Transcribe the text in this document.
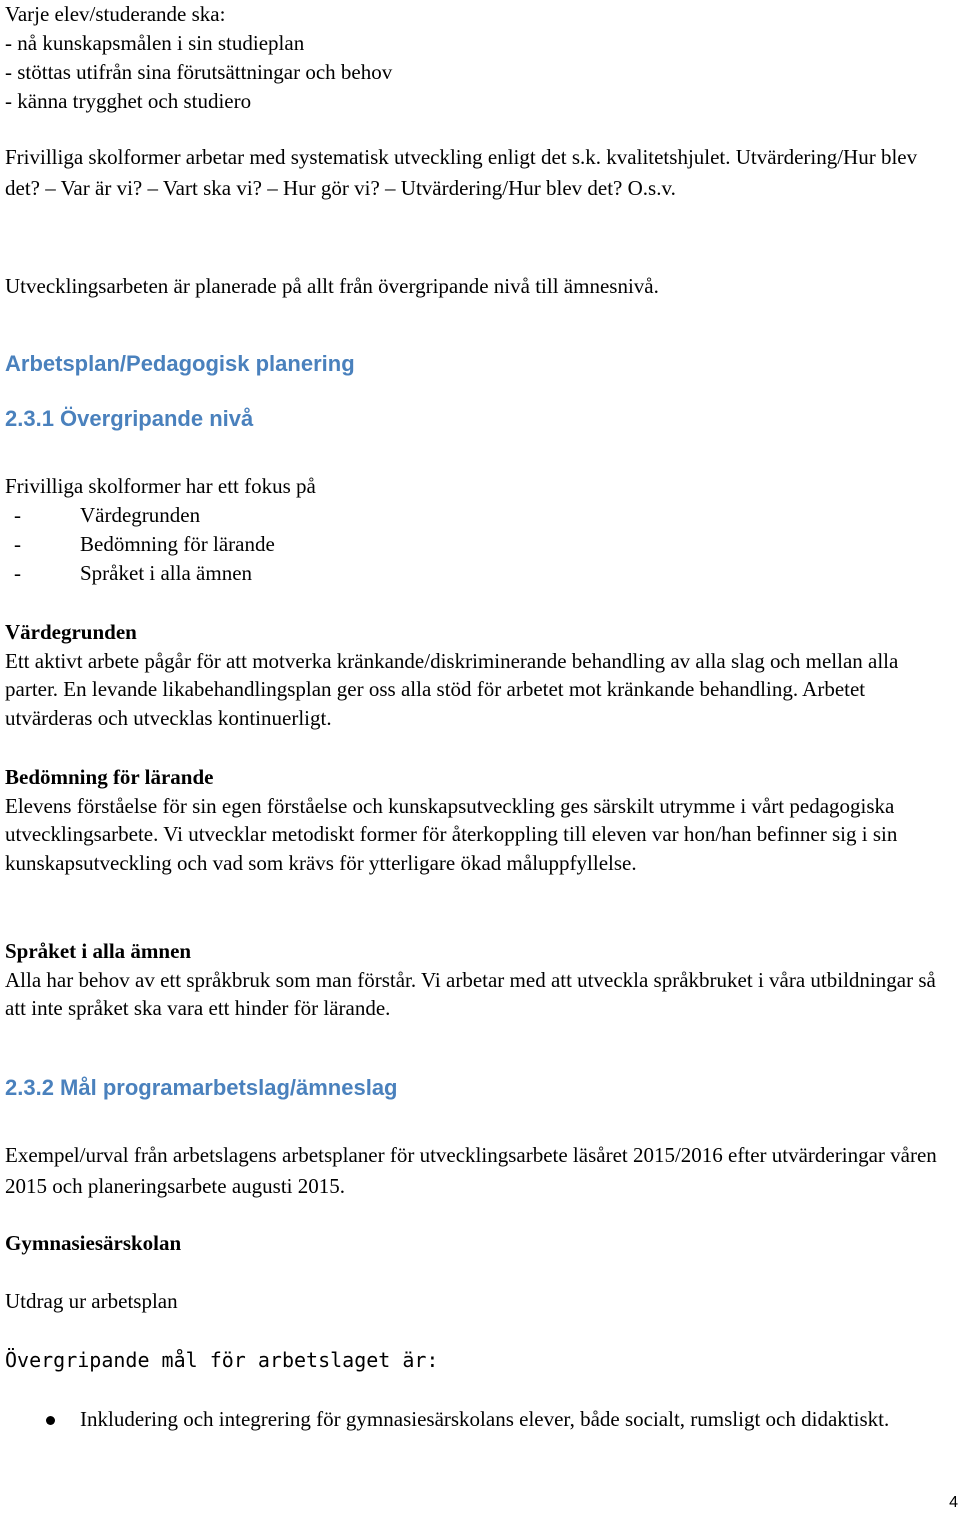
Varje elev/studerande ska:
- nå kunskapsmålen i sin studieplan
- stöttas utifrån sina förutsättningar och behov
- känna trygghet och studiero

Frivilliga skolformer arbetar med systematisk utveckling enligt det s.k. kvalitetshjulet. Utvärdering/Hur blev det? – Var är vi? – Vart ska vi? – Hur gör vi? – Utvärdering/Hur blev det? O.s.v.

Utvecklingsarbeten är planerade på allt från övergripande nivå till ämnesnivå.

Arbetsplan/Pedagogisk planering
2.3.1 Övergripande nivå
Frivilliga skolformer har ett fokus på
-	Värdegrunden
-	Bedömning för lärande
-	Språket i alla ämnen
Värdegrunden
Ett aktivt arbete pågår för att motverka kränkande/diskriminerande behandling av alla slag och mellan alla parter. En levande likabehandlingsplan ger oss alla stöd för arbetet mot kränkande behandling. Arbetet utvärderas och utvecklas kontinuerligt.
Bedömning för lärande
Elevens förståelse för sin egen förståelse och kunskapsutveckling ges särskilt utrymme i vårt pedagogiska utvecklingsarbete. Vi utvecklar metodiskt former för återkoppling till eleven var hon/han befinner sig i sin kunskapsutveckling och vad som krävs för ytterligare ökad måluppfyllelse.
Språket i alla ämnen
Alla har behov av ett språkbruk som man förstår. Vi arbetar med att utveckla språkbruket i våra utbildningar så att inte språket ska vara ett hinder för lärande.
2.3.2 Mål programarbetslag/ämneslag

Exempel/urval från arbetslagens arbetsplaner för utvecklingsarbete läsåret 2015/2016 efter utvärderingar våren 2015 och planeringsarbete augusti 2015.

Gymnasiesärskolan
Utdrag ur arbetsplan
Övergripande mål för arbetslaget är:
Inkludering och integrering för gymnasiesärskolans elever, både socialt, rumsligt och didaktiskt.
4
